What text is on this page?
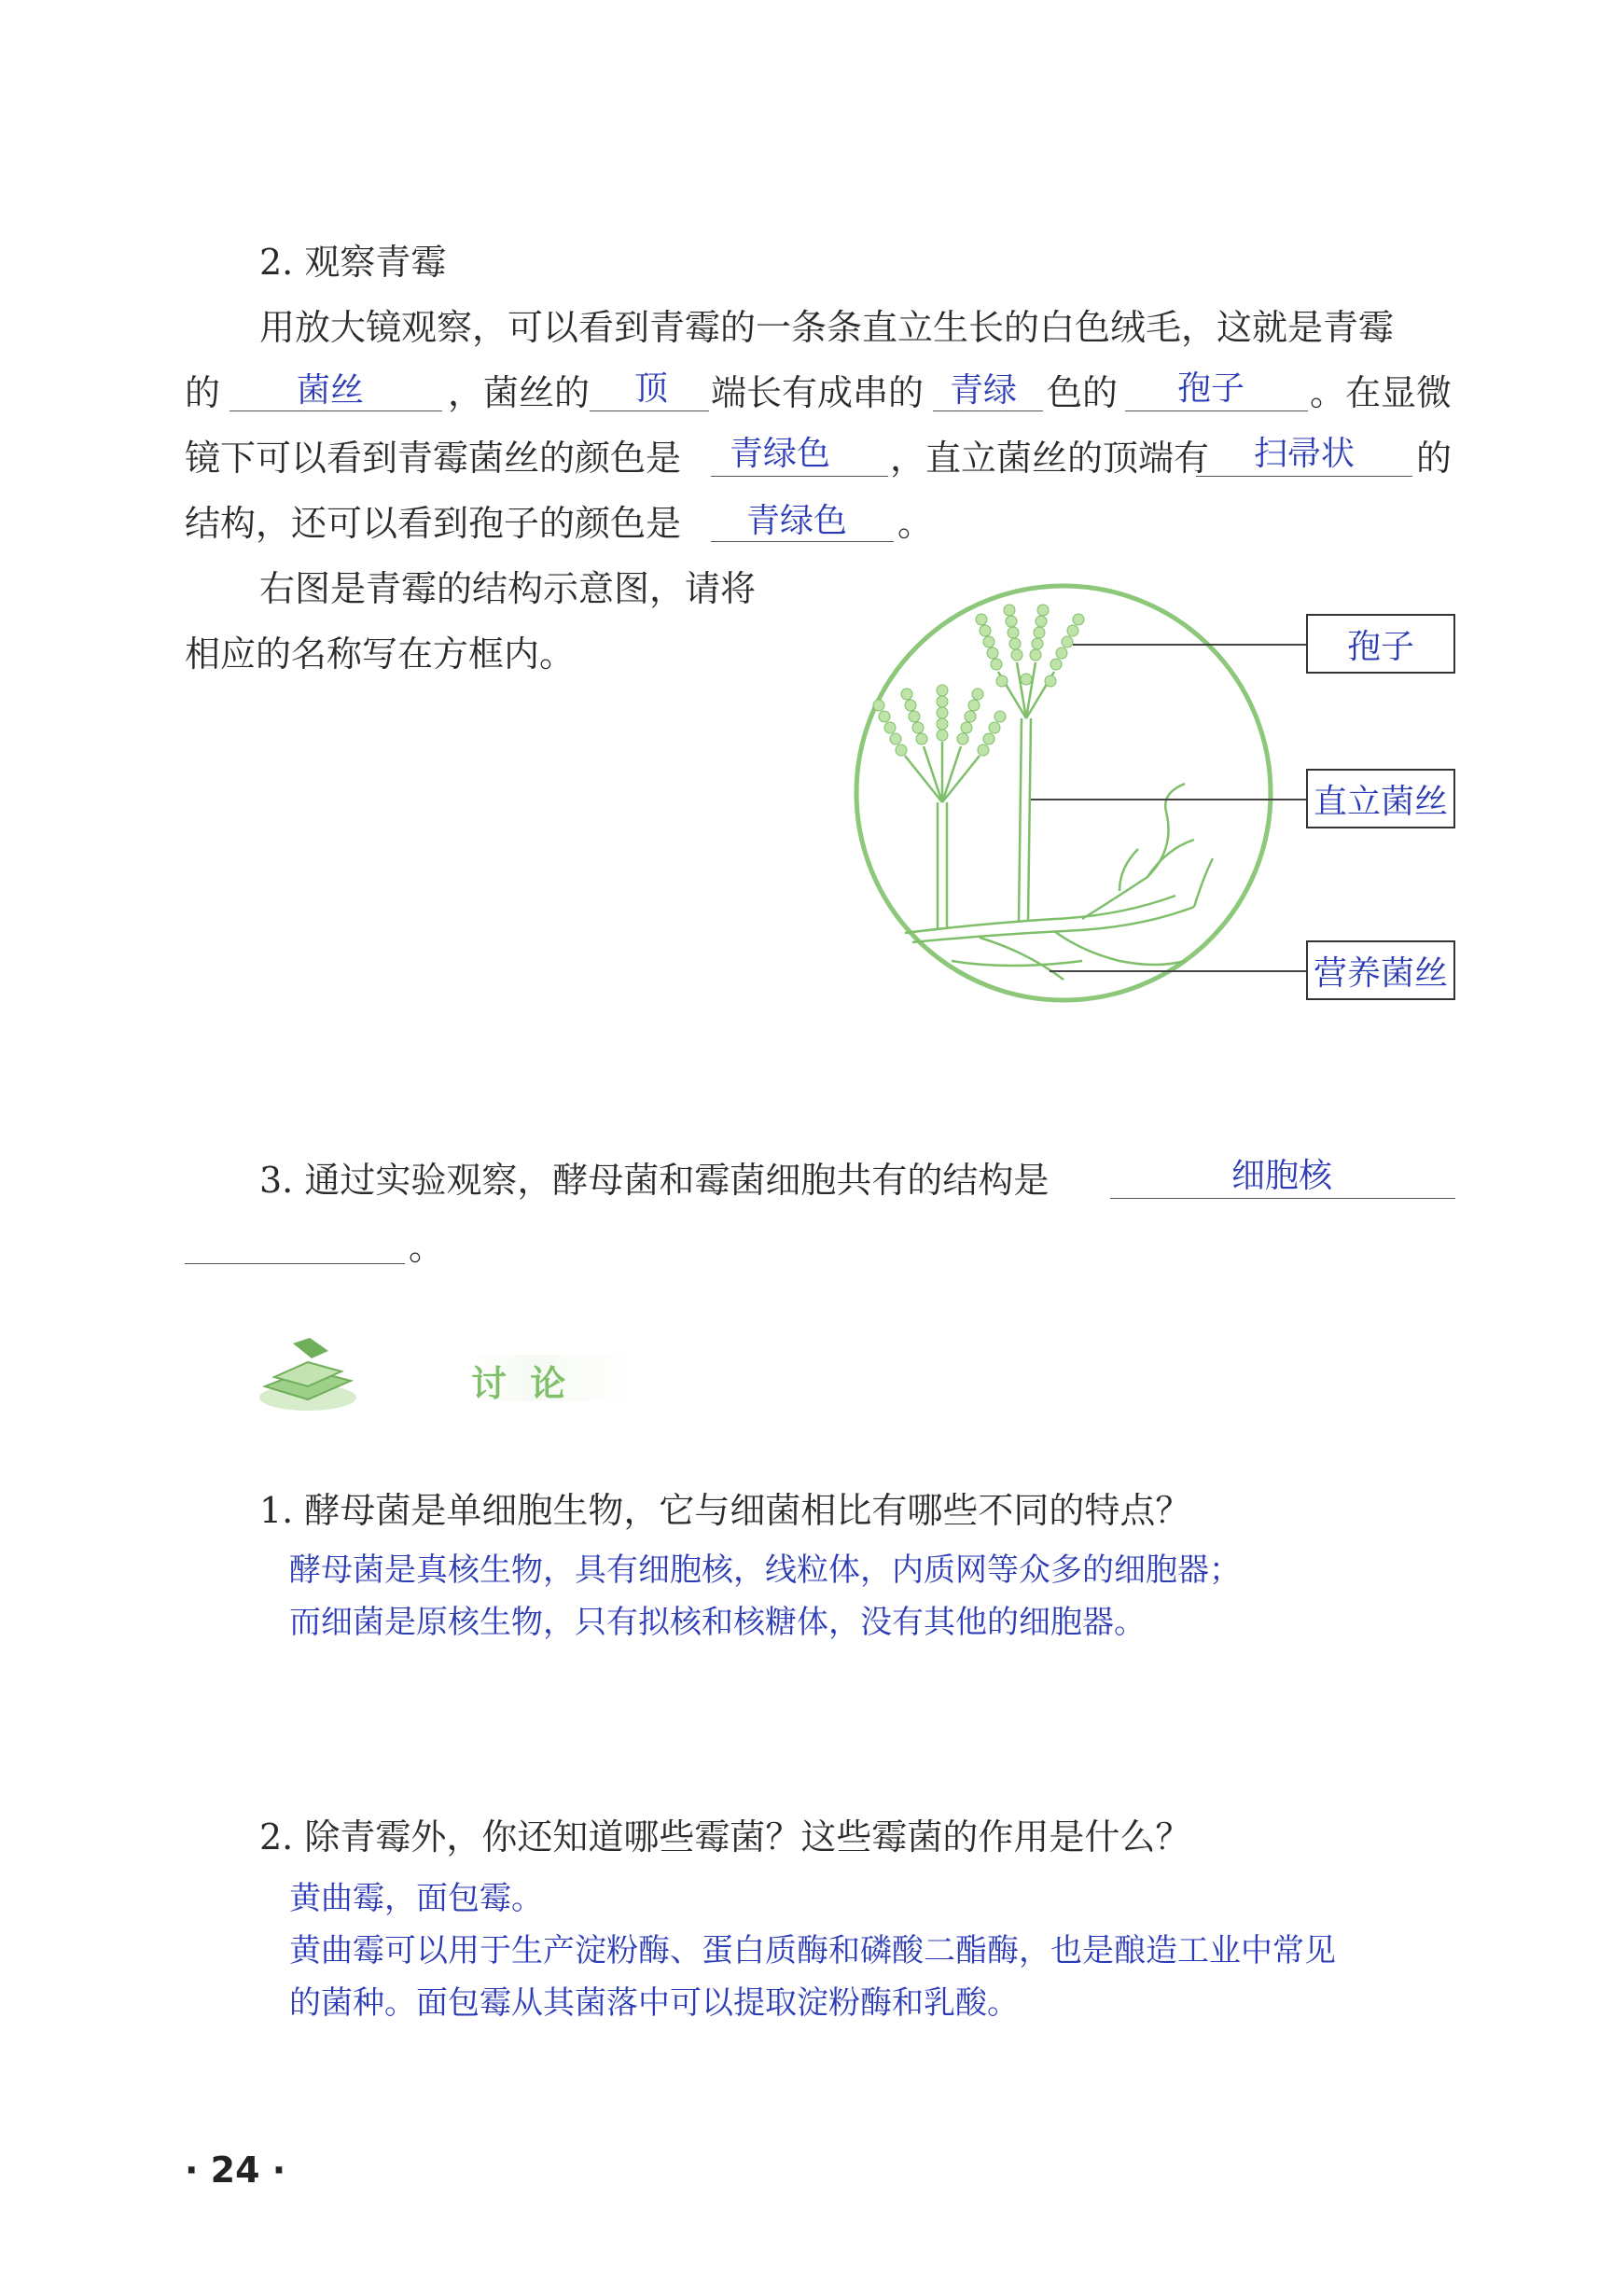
2. 观察青霉
用放大镜观察，可以看到青霉的一条条直立生长的白色绒毛，这就是青霉
的 菌丝 ，菌丝的 顶 端长有成串的 青绿 色的 孢子 。在显微
镜下可以看到青霉菌丝的颜色是 青绿色 ，直立菌丝的顶端有 扫帚状 的
结构，还可以看到孢子的颜色是 青绿色 。
右图是青霉的结构示意图，请将
相应的名称写在方框内。	孢子
直立菌丝
营养菌丝
3. 通过实验观察，酵母菌和霉菌细胞共有的结构是	细胞核
。
讨 论
1. 酵母菌是单细胞生物，它与细菌相比有哪些不同的特点？
酵母菌是真核生物，具有细胞核，线粒体，内质网等众多的细胞器；
而细菌是原核生物，只有拟核和核糖体，没有其他的细胞器。
2. 除青霉外，你还知道哪些霉菌？这些霉菌的作用是什么？
黄曲霉，面包霉。
黄曲霉可以用于生产淀粉酶、蛋白质酶和磷酸二酯酶，也是酿造工业中常见
的菌种。面包霉从其菌落中可以提取淀粉酶和乳酸。
· 24 ·
